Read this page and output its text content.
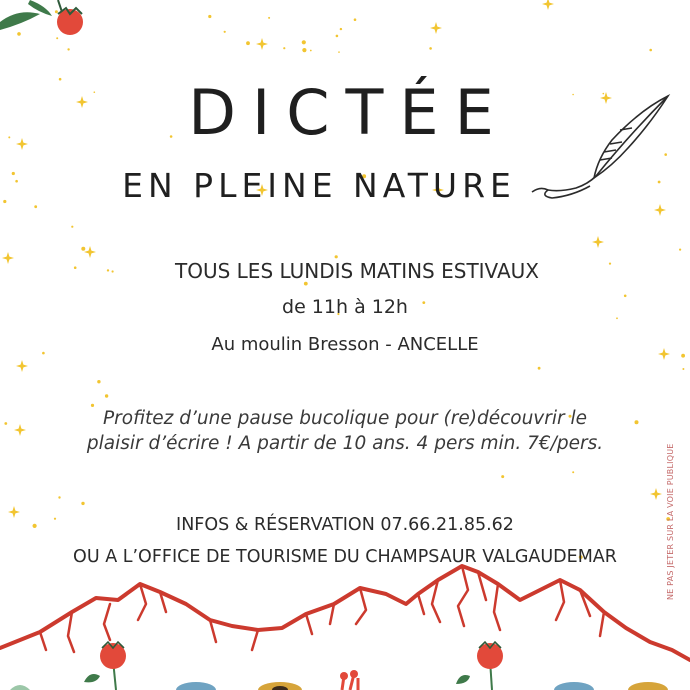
DICTÉE
EN PLEINE NATURE
TOUS LES LUNDIS MATINS ESTIVAUX
de 11h à 12h
Au moulin Bresson - ANCELLE
Profitez d’une pause bucolique pour (re)découvrir le
plaisir d’écrire ! A partir de 10 ans. 4 pers min. 7€/pers.
INFOS & RÉSERVATION 07.66.21.85.62
OU A L’OFFICE DE TOURISME DU CHAMPSAUR VALGAUDEMAR	NE PAS JETER SUR LA VOIE PUBLIQUE
